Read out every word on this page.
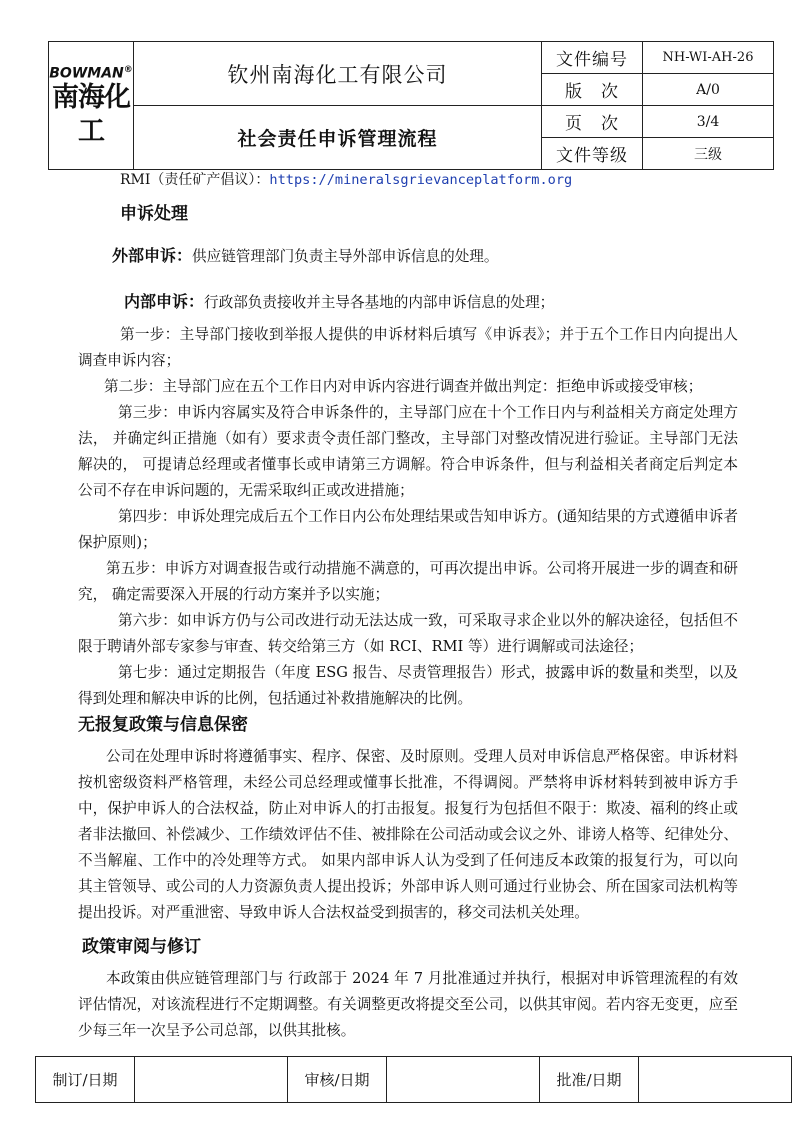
BOWMAN®
南海化工	钦州南海化工有限公司	文件编号	NH-WI-AH-26
		版　次	A/0
	社会责任申诉管理流程	页　次	3/4
		文件等级	三级
RMI（责任矿产倡议）：https://mineralsgrievanceplatform.org
申诉处理

外部申诉：供应链管理部门负责主导外部申诉信息的处理。

内部申诉：行政部负责接收并主导各基地的内部申诉信息的处理；

第一步：主导部门接收到举报人提供的申诉材料后填写《申诉表》；并于五个工作日内向提出人调查申诉内容；

第二步：主导部门应在五个工作日内对申诉内容进行调查并做出判定：拒绝申诉或接受审核；

第三步：申诉内容属实及符合申诉条件的，主导部门应在十个工作日内与利益相关方商定处理方法， 并确定纠正措施（如有）要求责令责任部门整改，主导部门对整改情况进行验证。主导部门无法解决的， 可提请总经理或者懂事长或申请第三方调解。符合申诉条件，但与利益相关者商定后判定本公司不存在申诉问题的，无需采取纠正或改进措施；

第四步：申诉处理完成后五个工作日内公布处理结果或告知申诉方。(通知结果的方式遵循申诉者保护原则)；

第五步：申诉方对调查报告或行动措施不满意的，可再次提出申诉。公司将开展进一步的调查和研究， 确定需要深入开展的行动方案并予以实施；

第六步：如申诉方仍与公司改进行动无法达成一致，可采取寻求企业以外的解决途径，包括但不限于聘请外部专家参与审查、转交给第三方（如 RCI、RMI 等）进行调解或司法途径；

第七步：通过定期报告（年度 ESG 报告、尽责管理报告）形式，披露申诉的数量和类型，以及得到处理和解决申诉的比例，包括通过补救措施解决的比例。

无报复政策与信息保密

公司在处理申诉时将遵循事实、程序、保密、及时原则。受理人员对申诉信息严格保密。申诉材料按机密级资料严格管理，未经公司总经理或懂事长批准，不得调阅。严禁将申诉材料转到被申诉方手中，保护申诉人的合法权益，防止对申诉人的打击报复。报复行为包括但不限于：欺凌、福利的终止或者非法撤回、补偿减少、工作绩效评估不佳、被排除在公司活动或会议之外、诽谤人格等、纪律处分、不当解雇、工作中的冷处理等方式。 如果内部申诉人认为受到了任何违反本政策的报复行为，可以向其主管领导、或公司的人力资源负责人提出投诉；外部申诉人则可通过行业协会、所在国家司法机构等提出投诉。对严重泄密、导致申诉人合法权益受到损害的，移交司法机关处理。

政策审阅与修订

本政策由供应链管理部门与 行政部于 2024 年 7 月批准通过并执行，根据对申诉管理流程的有效评估情况，对该流程进行不定期调整。有关调整更改将提交至公司，以供其审阅。若内容无变更，应至少每三年一次呈予公司总部，以供其批核。

制订/日期		审核/日期		批准/日期	
